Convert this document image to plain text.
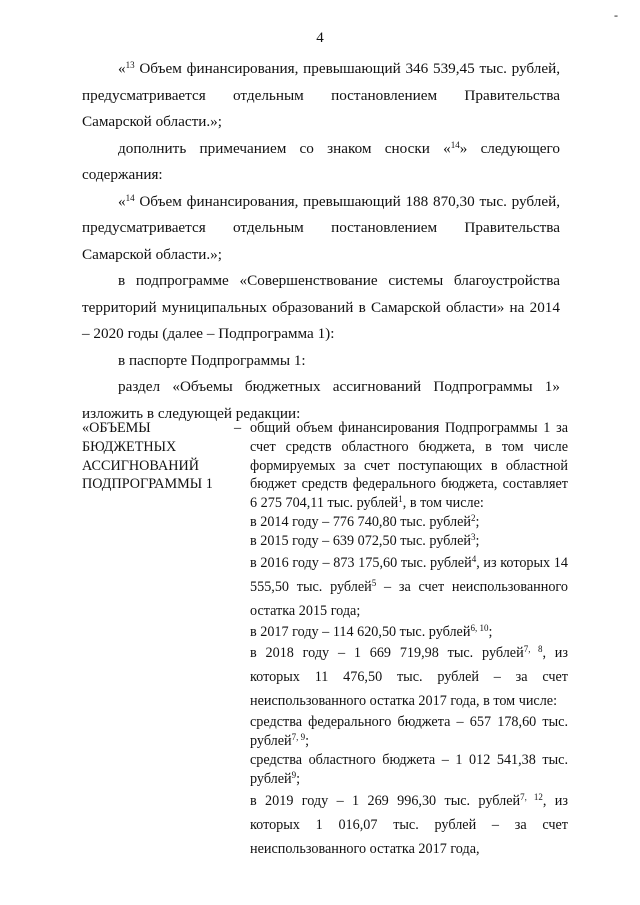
-
4

«$^{13}$ Объем финансирования, превышающий 346 539,45 тыс. рублей, предусматривается отдельным постановлением Правительства Самарской области.»;

дополнить примечанием со знаком сноски «$^{14}$» следующего содержания:

«$^{14}$ Объем финансирования, превышающий 188 870,30 тыс. рублей, предусматривается отдельным постановлением Правительства Самарской области.»;

в подпрограмме «Совершенствование системы благоустройства территорий муниципальных образований в Самарской области» на 2014 – 2020 годы (далее – Подпрограмма 1):

в паспорте Подпрограммы 1:

раздел «Объемы бюджетных ассигнований Подпрограммы 1» изложить в следующей редакции:

«ОБЪЕМЫ
БЮДЖЕТНЫХ
АССИГНОВАНИЙ
ПОДПРОГРАММЫ 1
– общий объем финансирования Подпрограммы 1 за счет средств областного бюджета, в том числе формируемых за счет поступающих в областной бюджет средств федерального бюджета, составляет 6 275 704,11 тыс. рублей$^1$, в том числе:

в 2014 году – 776 740,80 тыс. рублей$^2$;

в 2015 году – 639 072,50 тыс. рублей$^3$;

в 2016 году – 873 175,60 тыс. рублей$^4$, из которых 14 555,50 тыс. рублей$^5$ – за счет неиспользованного остатка 2015 года;

в 2017 году – 114 620,50 тыс. рублей$^{6, 10}$;

в 2018 году – 1 669 719,98 тыс. рублей$^{7, 8}$, из которых 11 476,50 тыс. рублей – за счет неиспользованного остатка 2017 года, в том числе:

средства федерального бюджета – 657 178,60 тыс. рублей$^{7, 9}$;

средства областного бюджета – 1 012 541,38 тыс. рублей$^9$;

в 2019 году – 1 269 996,30 тыс. рублей$^{7, 12}$, из которых 1 016,07 тыс. рублей – за счет неиспользованного остатка 2017 года,
